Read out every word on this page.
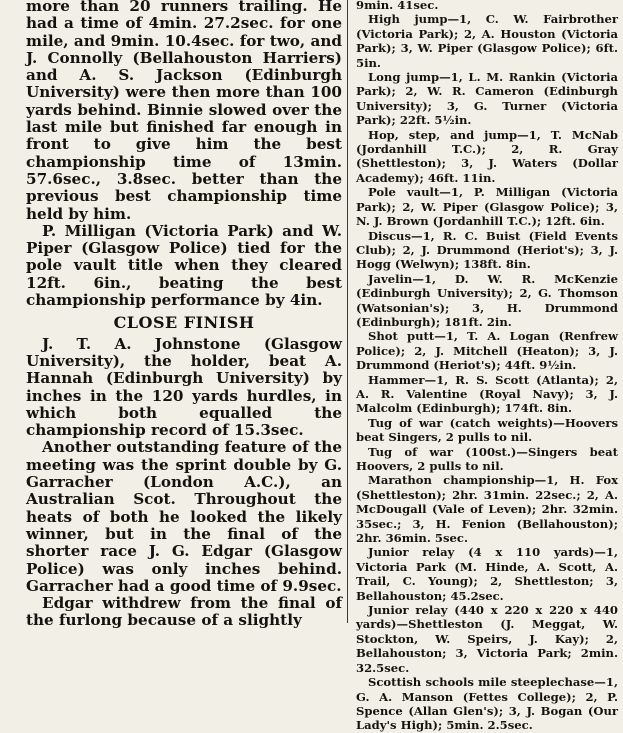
more than 20 runners trailing. He had a time of 4min. 27.2sec. for one mile, and 9min. 10.4sec. for two, and J. Connolly (Bellahouston Harriers) and A. S. Jackson (Edinburgh University) were then more than 100 yards behind. Binnie slowed over the last mile but finished far enough in front to give him the best championship time of 13min. 57.6sec., 3.8sec. better than the previous best championship time held by him.

P. Milligan (Victoria Park) and W. Piper (Glasgow Police) tied for the pole vault title when they cleared 12ft. 6in., beating the best championship performance by 4in.

CLOSE FINISH

J. T. A. Johnstone (Glasgow University), the holder, beat A. Hannah (Edinburgh University) by inches in the 120 yards hurdles, in which both equalled the championship record of 15.3sec.

Another outstanding feature of the meeting was the sprint double by G. Garracher (London A.C.), an Australian Scot. Throughout the heats of both he looked the likely winner, but in the final of the shorter race J. G. Edgar (Glasgow Police) was only inches behind. Garracher had a good time of 9.9sec.

Edgar withdrew from the final of the furlong because of a slightly

9min. 41sec.

High jump—1, C. W. Fairbrother (Victoria Park); 2, A. Houston (Victoria Park); 3, W. Piper (Glasgow Police); 6ft. 5in.

Long jump—1, L. M. Rankin (Victoria Park); 2, W. R. Cameron (Edinburgh University); 3, G. Turner (Victoria Park); 22ft. 5½in.

Hop, step, and jump—1, T. McNab (Jordanhill T.C.); 2, R. Gray (Shettleston); 3, J. Waters (Dollar Academy); 46ft. 11in.

Pole vault—1, P. Milligan (Victoria Park); 2, W. Piper (Glasgow Police); 3, N. J. Brown (Jordanhill T.C.); 12ft. 6in.

Discus—1, R. C. Buist (Field Events Club); 2, J. Drummond (Heriot's); 3, J. Hogg (Welwyn); 138ft. 8in.

Javelin—1, D. W. R. McKenzie (Edinburgh University); 2, G. Thomson (Watsonian's); 3, H. Drummond (Edinburgh); 181ft. 2in.

Shot putt—1, T. A. Logan (Renfrew Police); 2, J. Mitchell (Heaton); 3, J. Drummond (Heriot's); 44ft. 9½in.

Hammer—1, R. S. Scott (Atlanta); 2, A. R. Valentine (Royal Navy); 3, J. Malcolm (Edinburgh); 174ft. 8in.

Tug of war (catch weights)—Hoovers beat Singers, 2 pulls to nil.

Tug of war (100st.)—Singers beat Hoovers, 2 pulls to nil.

Marathon championship—1, H. Fox (Shettleston); 2hr. 31min. 22sec.; 2, A. McDougall (Vale of Leven); 2hr. 32min. 35sec.; 3, H. Fenion (Bellahouston); 2hr. 36min. 5sec.

Junior relay (4 x 110 yards)—1, Victoria Park (M. Hinde, A. Scott, A. Trail, C. Young); 2, Shettleston; 3, Bellahouston; 45.2sec.

Junior relay (440 x 220 x 220 x 440 yards)—Shettleston (J. Meggat, W. Stockton, W. Speirs, J. Kay); 2, Bellahouston; 3, Victoria Park; 2min. 32.5sec.

Scottish schools mile steeplechase—1, G. A. Manson (Fettes College); 2, P. Spence (Allan Glen's); 3, J. Bogan (Our Lady's High); 5min. 2.5sec.
